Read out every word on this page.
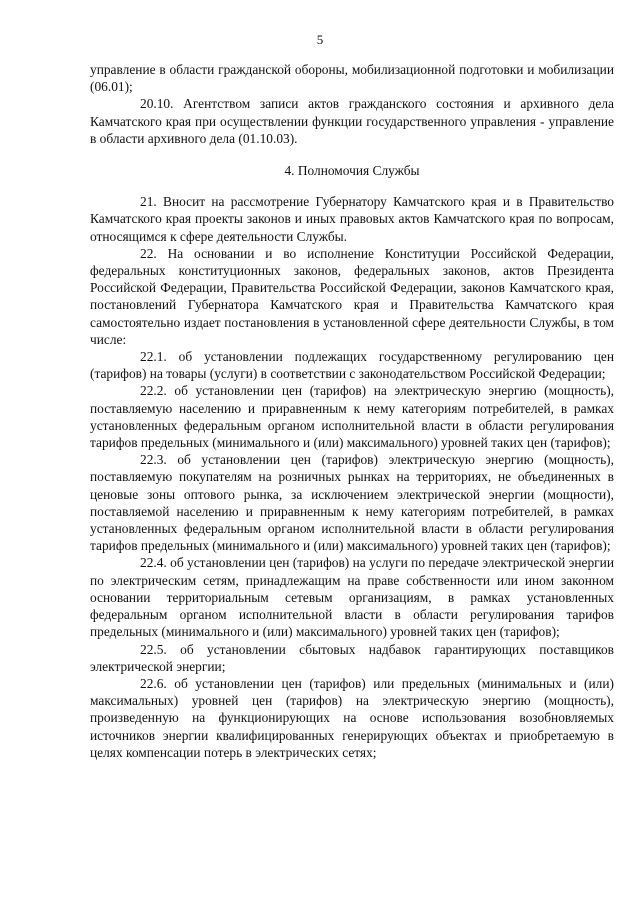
5

управление в области гражданской обороны, мобилизационной подготовки и мобилизации (06.01);

20.10. Агентством записи актов гражданского состояния и архивного дела Камчатского края при осуществлении функции государственного управления - управление в области архивного дела (01.10.03).

4. Полномочия Службы

21. Вносит на рассмотрение Губернатору Камчатского края и в Правительство Камчатского края проекты законов и иных правовых актов Камчатского края по вопросам, относящимся к сфере деятельности Службы.

22. На основании и во исполнение Конституции Российской Федерации, федеральных конституционных законов, федеральных законов, актов Президента Российской Федерации, Правительства Российской Федерации, законов Камчатского края, постановлений Губернатора Камчатского края и Правительства Камчатского края самостоятельно издает постановления в установленной сфере деятельности Службы, в том числе:

22.1. об установлении подлежащих государственному регулированию цен (тарифов) на товары (услуги) в соответствии с законодательством Российской Федерации;

22.2. об установлении цен (тарифов) на электрическую энергию (мощность), поставляемую населению и приравненным к нему категориям потребителей, в рамках установленных федеральным органом исполнительной власти в области регулирования тарифов предельных (минимального и (или) максимального) уровней таких цен (тарифов);

22.3. об установлении цен (тарифов) электрическую энергию (мощность), поставляемую покупателям на розничных рынках на территориях, не объединенных в ценовые зоны оптового рынка, за исключением электрической энергии (мощности), поставляемой населению и приравненным к нему категориям потребителей, в рамках установленных федеральным органом исполнительной власти в области регулирования тарифов предельных (минимального и (или) максимального) уровней таких цен (тарифов);

22.4. об установлении цен (тарифов) на услуги по передаче электрической энергии по электрическим сетям, принадлежащим на праве собственности или ином законном основании территориальным сетевым организациям, в рамках установленных федеральным органом исполнительной власти в области регулирования тарифов предельных (минимального и (или) максимального) уровней таких цен (тарифов);

22.5. об установлении сбытовых надбавок гарантирующих поставщиков электрической энергии;

22.6. об установлении цен (тарифов) или предельных (минимальных и (или) максимальных) уровней цен (тарифов) на электрическую энергию (мощность), произведенную на функционирующих на основе использования возобновляемых источников энергии квалифицированных генерирующих объектах и приобретаемую в целях компенсации потерь в электрических сетях;
